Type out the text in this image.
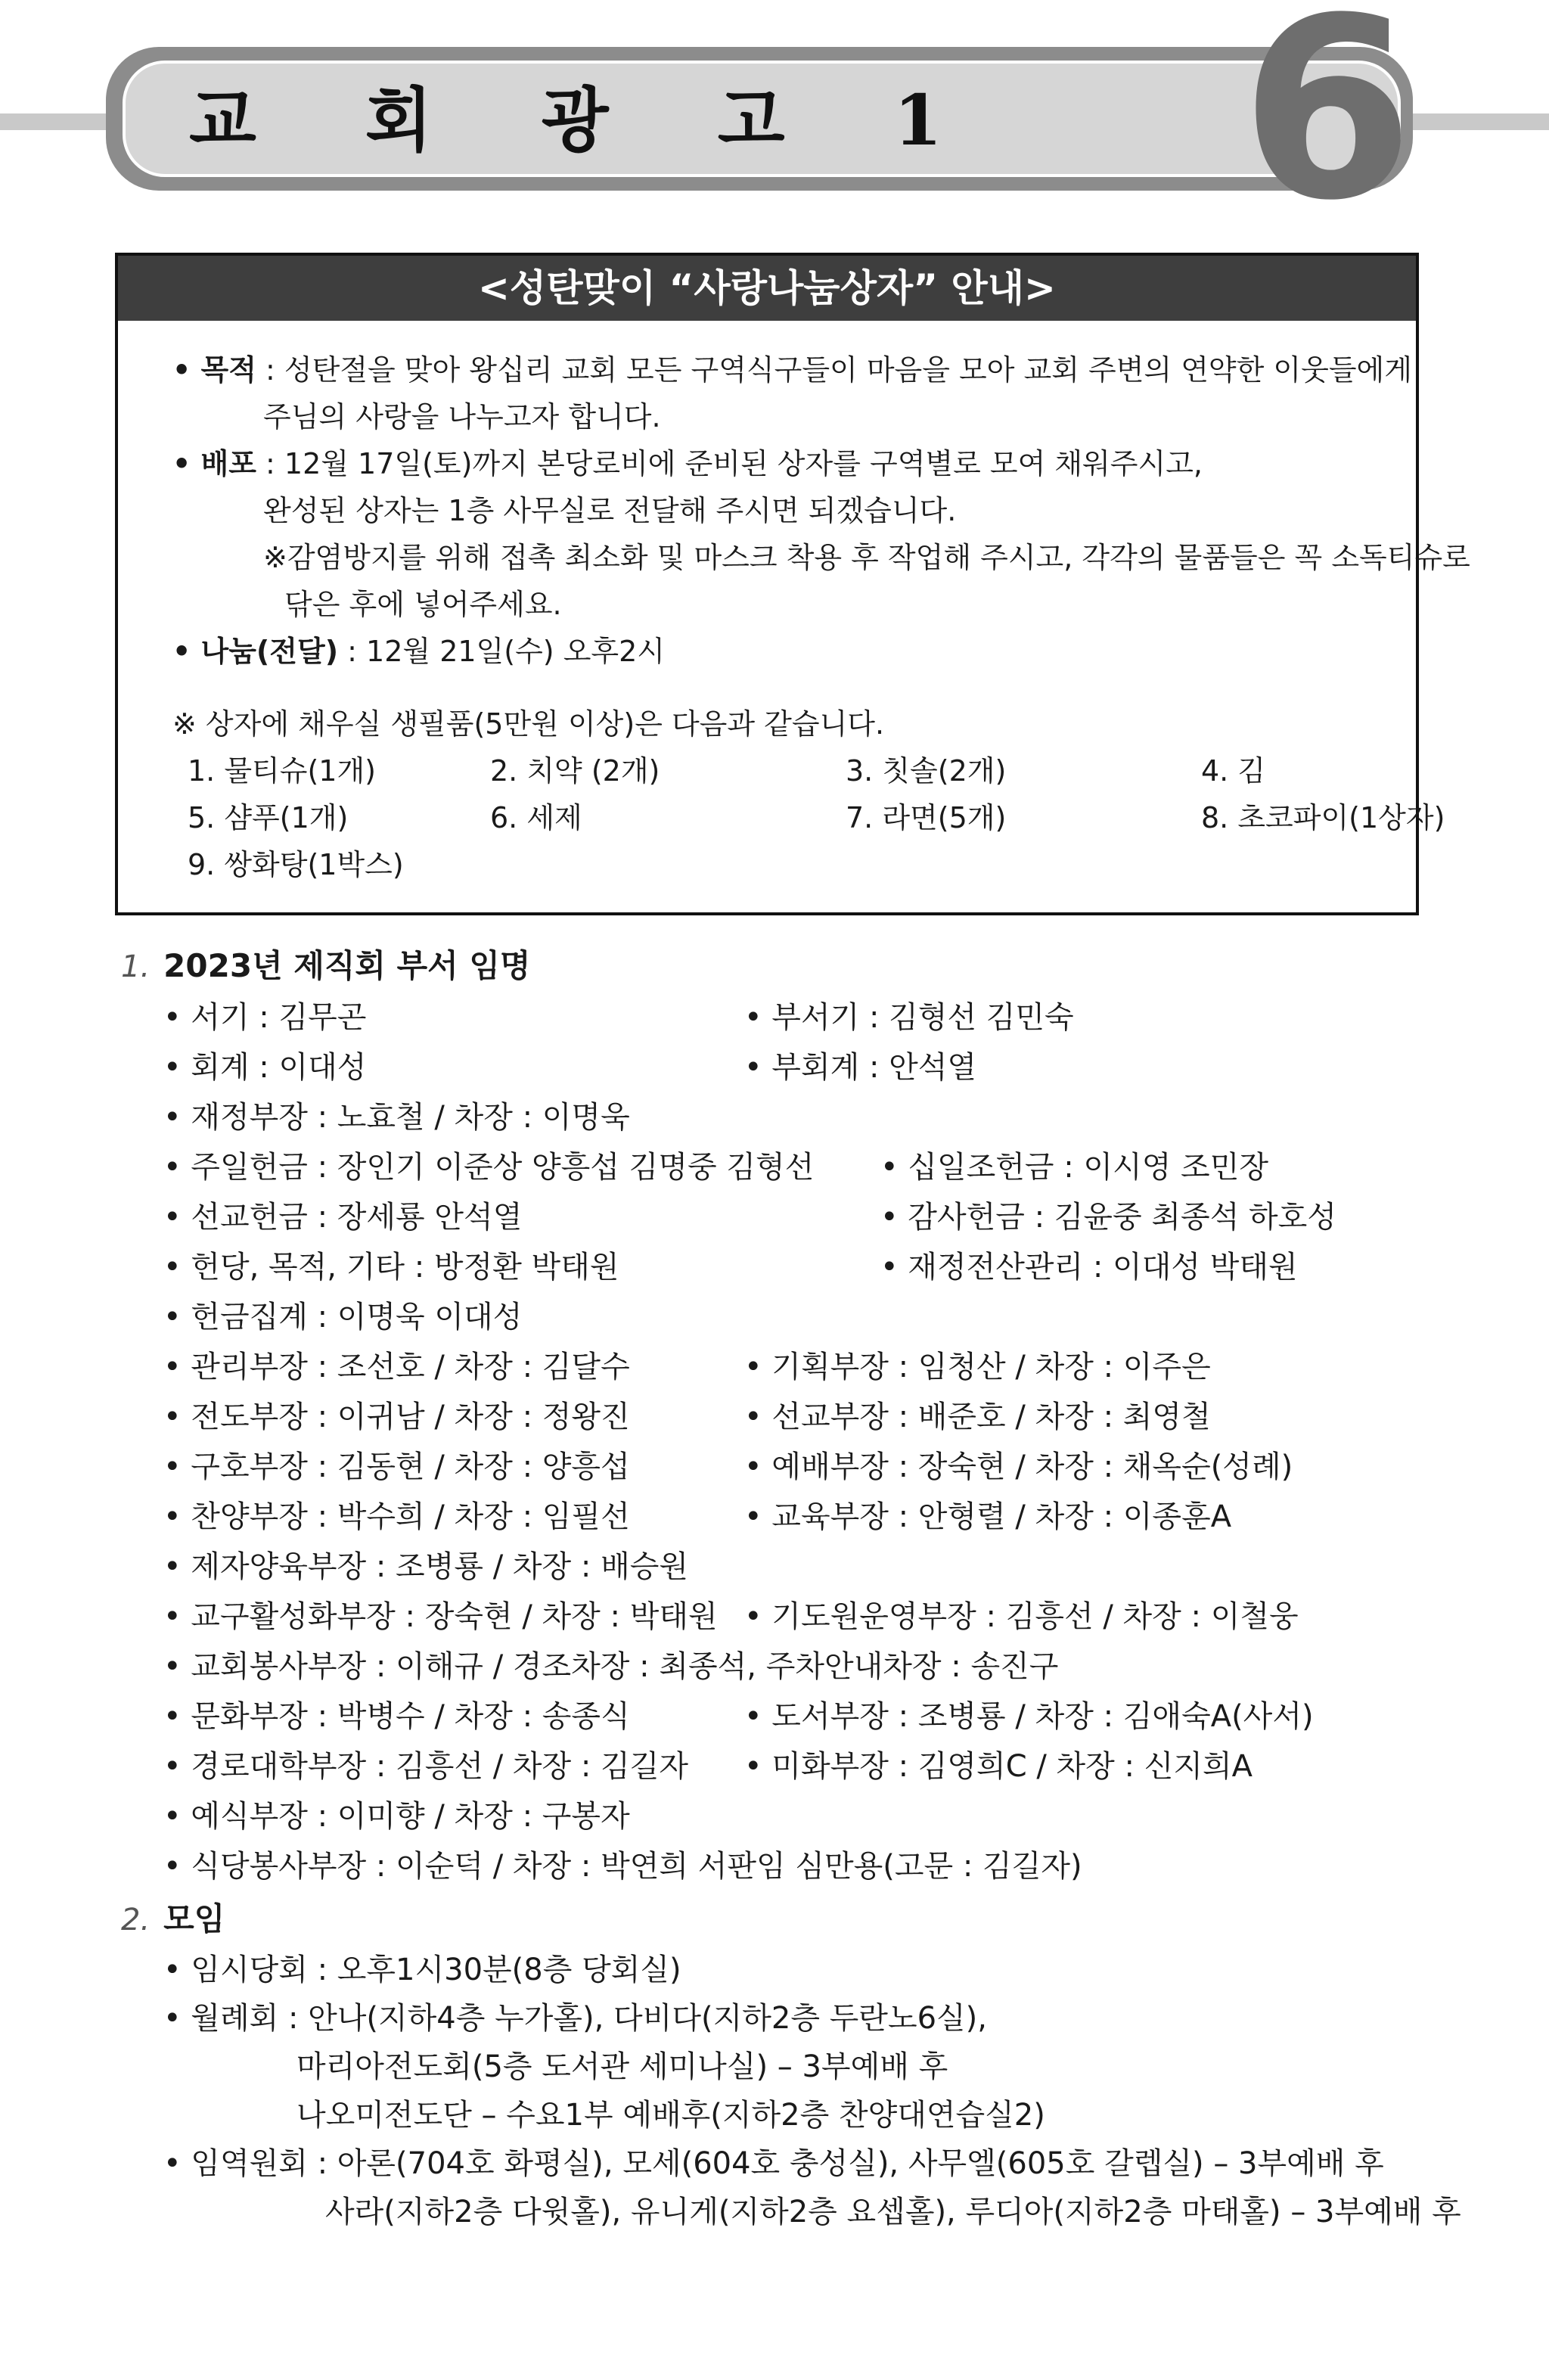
교 회 광 고 1 6
<성탄맞이 “사랑나눔상자” 안내>
• 목적 : 성탄절을 맞아 왕십리 교회 모든 구역식구들이 마음을 모아 교회 주변의 연약한 이웃들에게
주님의 사랑을 나누고자 합니다.
• 배포 : 12월 17일(토)까지 본당로비에 준비된 상자를 구역별로 모여 채워주시고,
완성된 상자는 1층 사무실로 전달해 주시면 되겠습니다.
※감염방지를 위해 접촉 최소화 및 마스크 착용 후 작업해 주시고, 각각의 물품들은 꼭 소독티슈로
닦은 후에 넣어주세요.
• 나눔(전달) : 12월 21일(수) 오후2시
※ 상자에 채우실 생필품(5만원 이상)은 다음과 같습니다.
1. 물티슈(1개)	2. 치약 (2개)	3. 칫솔(2개)	4. 김
5. 샴푸(1개)	6. 세제	7. 라면(5개)	8. 초코파이(1상자)
9. 쌍화탕(1박스)
1. 2023년 제직회 부서 임명
• 서기 : 김무곤	• 부서기 : 김형선 김민숙
• 회계 : 이대성	• 부회계 : 안석열
• 재정부장 : 노효철 / 차장 : 이명욱
• 주일헌금 : 장인기 이준상 양흥섭 김명중 김형선 • 십일조헌금 : 이시영 조민장
• 선교헌금 : 장세룡 안석열	• 감사헌금 : 김윤중 최종석 하호성
• 헌당, 목적, 기타 : 방정환 박태원	• 재정전산관리 : 이대성 박태원
• 헌금집계 : 이명욱 이대성
• 관리부장 : 조선호 / 차장 : 김달수	• 기획부장 : 임청산 / 차장 : 이주은
• 전도부장 : 이귀남 / 차장 : 정왕진	• 선교부장 : 배준호 / 차장 : 최영철
• 구호부장 : 김동현 / 차장 : 양흥섭	• 예배부장 : 장숙현 / 차장 : 채옥순(성례)
• 찬양부장 : 박수희 / 차장 : 임필선	• 교육부장 : 안형렬 / 차장 : 이종훈A
• 제자양육부장 : 조병룡 / 차장 : 배승원
• 교구활성화부장 : 장숙현 / 차장 : 박태원 • 기도원운영부장 : 김흥선 / 차장 : 이철웅
• 교회봉사부장 : 이해규 / 경조차장 : 최종석, 주차안내차장 : 송진구
• 문화부장 : 박병수 / 차장 : 송종식	• 도서부장 : 조병룡 / 차장 : 김애숙A(사서)
• 경로대학부장 : 김흥선 / 차장 : 김길자 • 미화부장 : 김영희C / 차장 : 신지희A
• 예식부장 : 이미향 / 차장 : 구봉자
• 식당봉사부장 : 이순덕 / 차장 : 박연희 서판임 심만용(고문 : 김길자)
2. 모임
• 임시당회 : 오후1시30분(8층 당회실)
• 월례회 : 안나(지하4층 누가홀), 다비다(지하2층 두란노6실),
마리아전도회(5층 도서관 세미나실) – 3부예배 후
나오미전도단 – 수요1부 예배후(지하2층 찬양대연습실2)
• 임역원회 : 아론(704호 화평실), 모세(604호 충성실), 사무엘(605호 갈렙실) – 3부예배 후
사라(지하2층 다윗홀), 유니게(지하2층 요셉홀), 루디아(지하2층 마태홀) – 3부예배 후
